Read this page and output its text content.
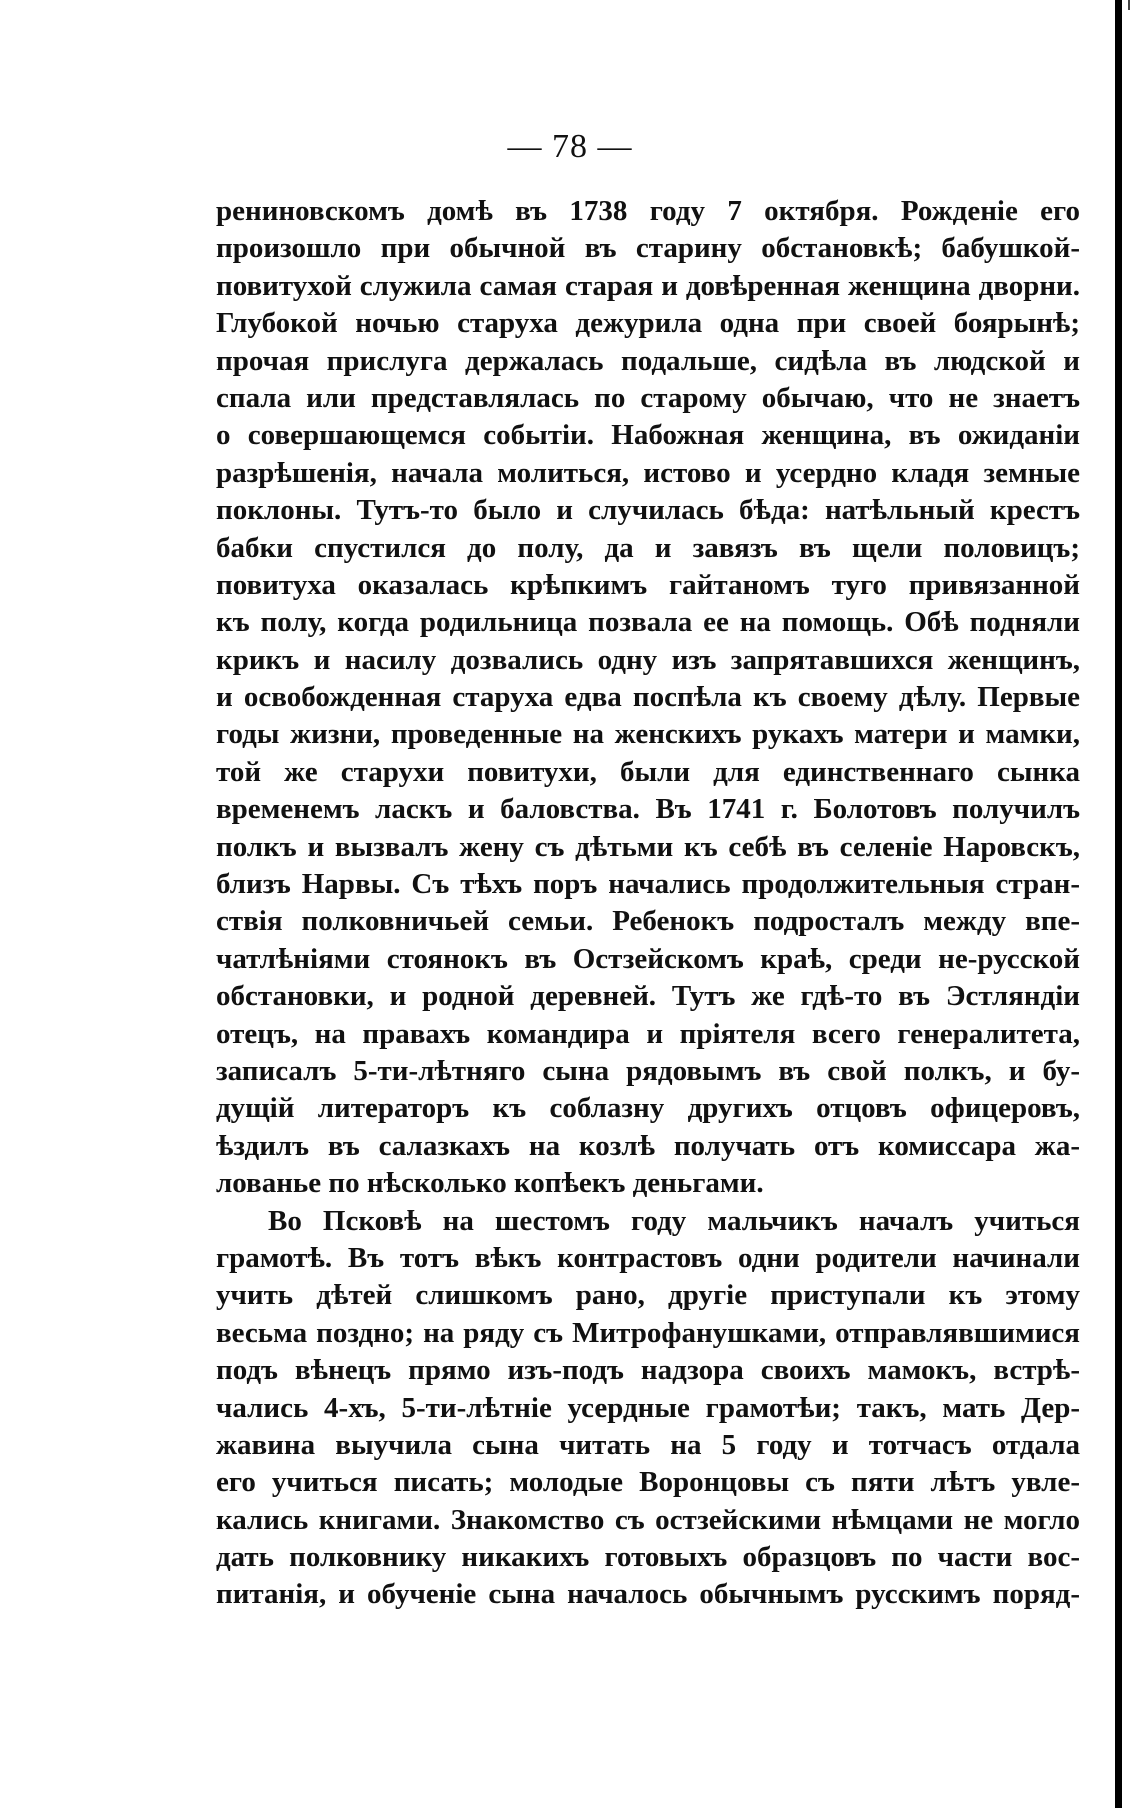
— 78 —
рениновскомъ домѣ въ 1738 году 7 октября. Рожденіе его
произошло при обычной въ старину обстановкѣ; бабушкой-
повитухой служила самая старая и довѣренная женщина дворни.
Глубокой ночью старуха дежурила одна при своей боярынѣ;
прочая прислуга держалась подальше, сидѣла въ людской и
спала или представлялась по старому обычаю, что не знаетъ
о совершающемся событіи. Набожная женщина, въ ожиданіи
разрѣшенія, начала молиться, истово и усердно кладя земные
поклоны. Тутъ-то было и случилась бѣда: натѣльный крестъ
бабки спустился до полу, да и завязъ въ щели половицъ;
повитуха оказалась крѣпкимъ гайтаномъ туго привязанной
къ полу, когда родильница позвала ее на помощь. Обѣ подняли
крикъ и насилу дозвались одну изъ запрятавшихся женщинъ,
и освобожденная старуха едва поспѣла къ своему дѣлу. Первые
годы жизни, проведенные на женскихъ рукахъ матери и мамки,
той же старухи повитухи, были для единственнаго сынка
временемъ ласкъ и баловства. Въ 1741 г. Болотовъ получилъ
полкъ и вызвалъ жену съ дѣтьми къ себѣ въ селеніе Наровскъ,
близъ Нарвы. Съ тѣхъ поръ начались продолжительныя стран-
ствія полковничьей семьи. Ребенокъ подросталъ между впе-
чатлѣніями стоянокъ въ Остзейскомъ краѣ, среди не-русской
обстановки, и родной деревней. Тутъ же гдѣ-то въ Эстляндіи
отецъ, на правахъ командира и пріятеля всего генералитета,
записалъ 5-ти-лѣтняго сына рядовымъ въ свой полкъ, и бу-
дущій литераторъ къ соблазну другихъ отцовъ офицеровъ,
ѣздилъ въ салазкахъ на козлѣ получать отъ комиссара жа-
лованье по нѣсколько копѣекъ деньгами.
Во Псковѣ на шестомъ году мальчикъ началъ учиться
грамотѣ. Въ тотъ вѣкъ контрастовъ одни родители начинали
учить дѣтей слишкомъ рано, другіе приступали къ этому
весьма поздно; на ряду съ Митрофанушками, отправлявшимися
подъ вѣнецъ прямо изъ-подъ надзора своихъ мамокъ, встрѣ-
чались 4-хъ, 5-ти-лѣтніе усердные грамотѣи; такъ, мать Дер-
жавина выучила сына читать на 5 году и тотчасъ отдала
его учиться писать; молодые Воронцовы съ пяти лѣтъ увле-
кались книгами. Знакомство съ остзейскими нѣмцами не могло
дать полковнику никакихъ готовыхъ образцовъ по части вос-
питанія, и обученіе сына началось обычнымъ русскимъ поряд-
